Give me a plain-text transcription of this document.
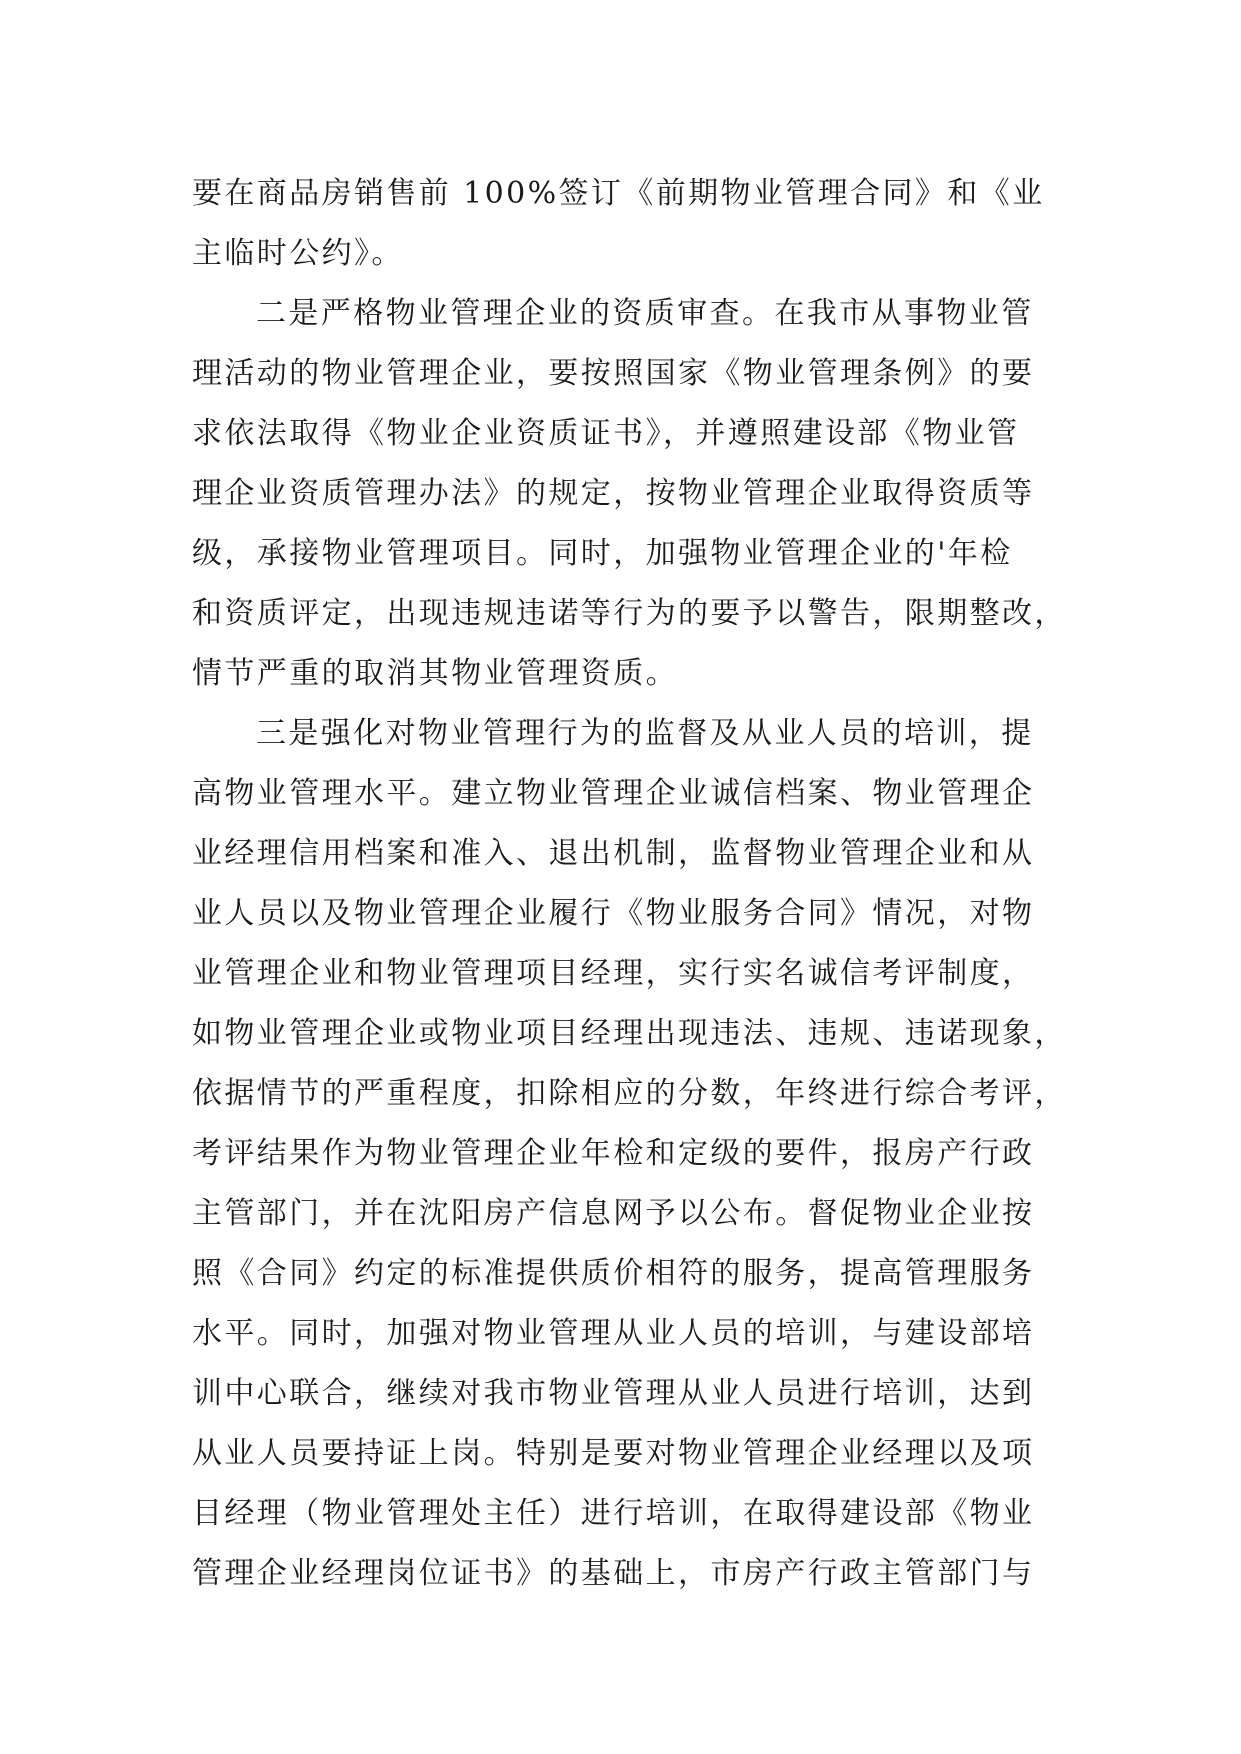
要在商品房销售前 100%签订《前期物业管理合同》和《业
主临时公约》。
二是严格物业管理企业的资质审查。在我市从事物业管
理活动的物业管理企业，要按照国家《物业管理条例》的要
求依法取得《物业企业资质证书》，并遵照建设部《物业管
理企业资质管理办法》的规定，按物业管理企业取得资质等
级，承接物业管理项目。同时，加强物业管理企业的'年检
和资质评定，出现违规违诺等行为的要予以警告，限期整改，
情节严重的取消其物业管理资质。
三是强化对物业管理行为的监督及从业人员的培训，提
高物业管理水平。建立物业管理企业诚信档案、物业管理企
业经理信用档案和准入、退出机制，监督物业管理企业和从
业人员以及物业管理企业履行《物业服务合同》情况，对物
业管理企业和物业管理项目经理，实行实名诚信考评制度，
如物业管理企业或物业项目经理出现违法、违规、违诺现象，
依据情节的严重程度，扣除相应的分数，年终进行综合考评，
考评结果作为物业管理企业年检和定级的要件，报房产行政
主管部门，并在沈阳房产信息网予以公布。督促物业企业按
照《合同》约定的标准提供质价相符的服务，提高管理服务
水平。同时，加强对物业管理从业人员的培训，与建设部培
训中心联合，继续对我市物业管理从业人员进行培训，达到
从业人员要持证上岗。特别是要对物业管理企业经理以及项
目经理（物业管理处主任）进行培训，在取得建设部《物业
管理企业经理岗位证书》的基础上，市房产行政主管部门与
